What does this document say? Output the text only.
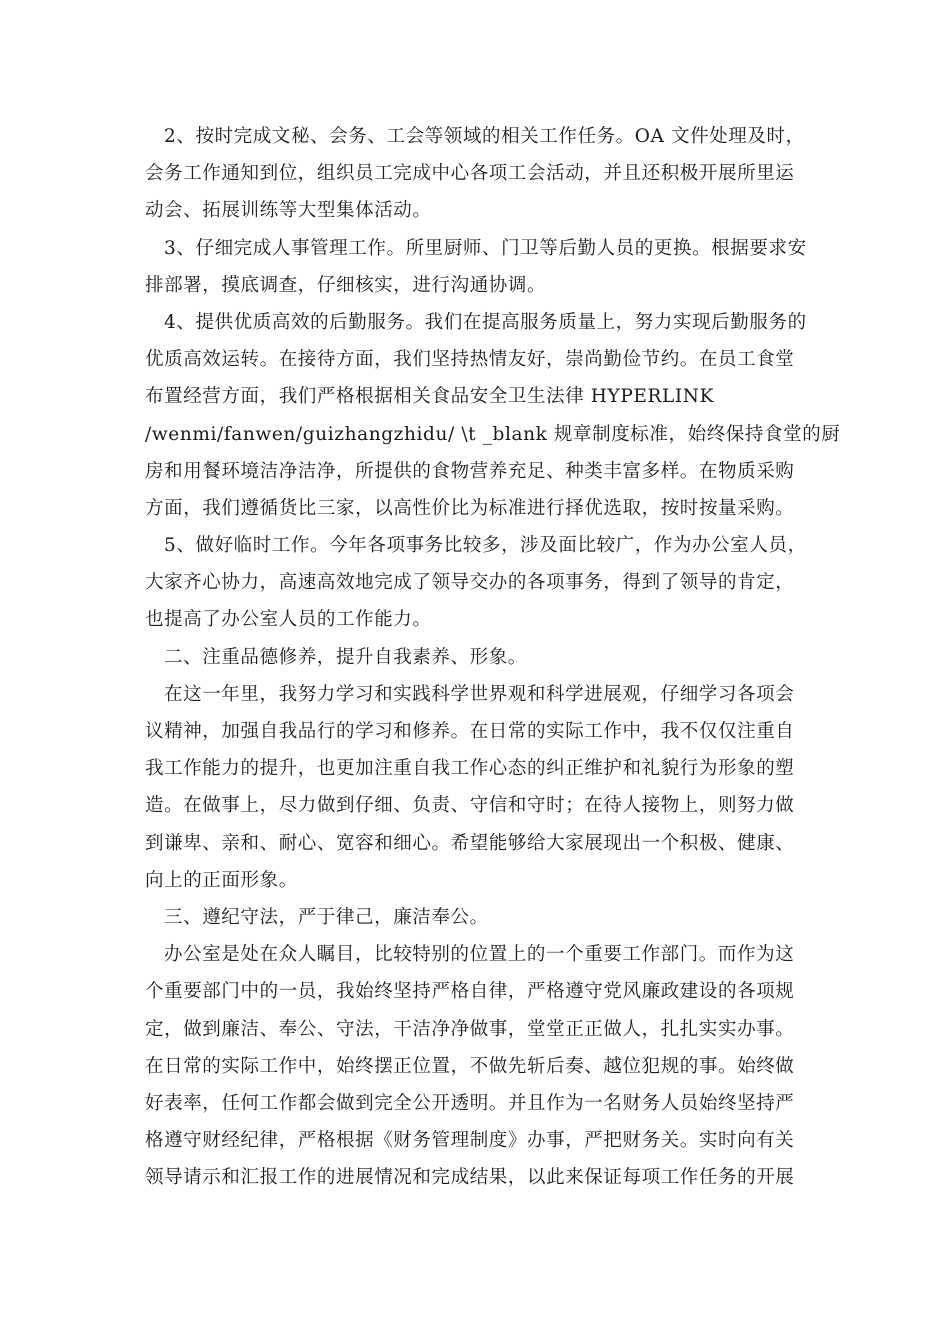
2、按时完成文秘、会务、工会等领域的相关工作任务。OA 文件处理及时，
会务工作通知到位，组织员工完成中心各项工会活动，并且还积极开展所里运
动会、拓展训练等大型集体活动。
3、仔细完成人事管理工作。所里厨师、门卫等后勤人员的更换。根据要求安
排部署，摸底调查，仔细核实，进行沟通协调。
4、提供优质高效的后勤服务。我们在提高服务质量上，努力实现后勤服务的
优质高效运转。在接待方面，我们坚持热情友好，崇尚勤俭节约。在员工食堂
布置经营方面，我们严格根据相关食品安全卫生法律 HYPERLINK
/wenmi/fanwen/guizhangzhidu/ \t _blank 规章制度标准，始终保持食堂的厨
房和用餐环境洁净洁净，所提供的食物营养充足、种类丰富多样。在物质采购
方面，我们遵循货比三家，以高性价比为标准进行择优选取，按时按量采购。
5、做好临时工作。今年各项事务比较多，涉及面比较广，作为办公室人员，
大家齐心协力，高速高效地完成了领导交办的各项事务，得到了领导的肯定，
也提高了办公室人员的工作能力。
二、注重品德修养，提升自我素养、形象。
在这一年里，我努力学习和实践科学世界观和科学进展观，仔细学习各项会
议精神，加强自我品行的学习和修养。在日常的实际工作中，我不仅仅注重自
我工作能力的提升，也更加注重自我工作心态的纠正维护和礼貌行为形象的塑
造。在做事上，尽力做到仔细、负责、守信和守时；在待人接物上，则努力做
到谦卑、亲和、耐心、宽容和细心。希望能够给大家展现出一个积极、健康、
向上的正面形象。
三、遵纪守法，严于律己，廉洁奉公。
办公室是处在众人瞩目，比较特别的位置上的一个重要工作部门。而作为这
个重要部门中的一员，我始终坚持严格自律，严格遵守党风廉政建设的各项规
定，做到廉洁、奉公、守法，干洁净净做事，堂堂正正做人，扎扎实实办事。
在日常的实际工作中，始终摆正位置，不做先斩后奏、越位犯规的事。始终做
好表率，任何工作都会做到完全公开透明。并且作为一名财务人员始终坚持严
格遵守财经纪律，严格根据《财务管理制度》办事，严把财务关。实时向有关
领导请示和汇报工作的进展情况和完成结果，以此来保证每项工作任务的开展
